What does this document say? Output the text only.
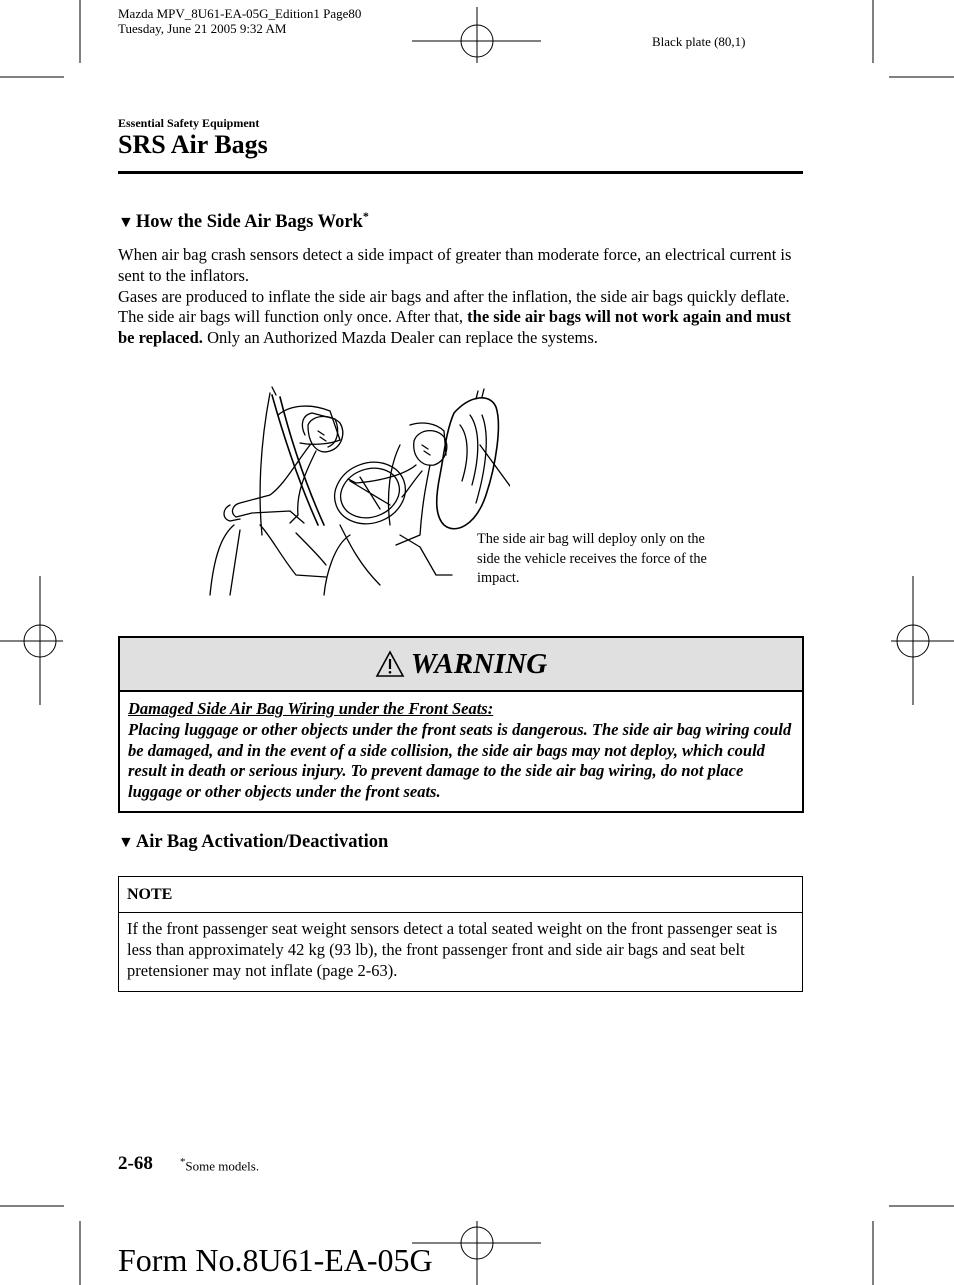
Mazda MPV_8U61-EA-05G_Edition1 Page80
Tuesday, June 21 2005 9:32 AM
Black plate (80,1)
Essential Safety Equipment
SRS Air Bags
▼ How the Side Air Bags Work*
When air bag crash sensors detect a side impact of greater than moderate force, an electrical current is sent to the inflators.
Gases are produced to inflate the side air bags and after the inflation, the side air bags quickly deflate.
The side air bags will function only once. After that, the side air bags will not work again and must be replaced. Only an Authorized Mazda Dealer can replace the systems.
The side air bag will deploy only on the side the vehicle receives the force of the impact.
WARNING
Damaged Side Air Bag Wiring under the Front Seats:
Placing luggage or other objects under the front seats is dangerous. The side air bag wiring could be damaged, and in the event of a side collision, the side air bags may not deploy, which could result in death or serious injury. To prevent damage to the side air bag wiring, do not place luggage or other objects under the front seats.
▼ Air Bag Activation/Deactivation
NOTE
If the front passenger seat weight sensors detect a total seated weight on the front passenger seat is less than approximately 42 kg (93 lb), the front passenger front and side air bags and seat belt pretensioner may not inflate (page 2-63).
2-68	*Some models.
Form No.8U61-EA-05G
